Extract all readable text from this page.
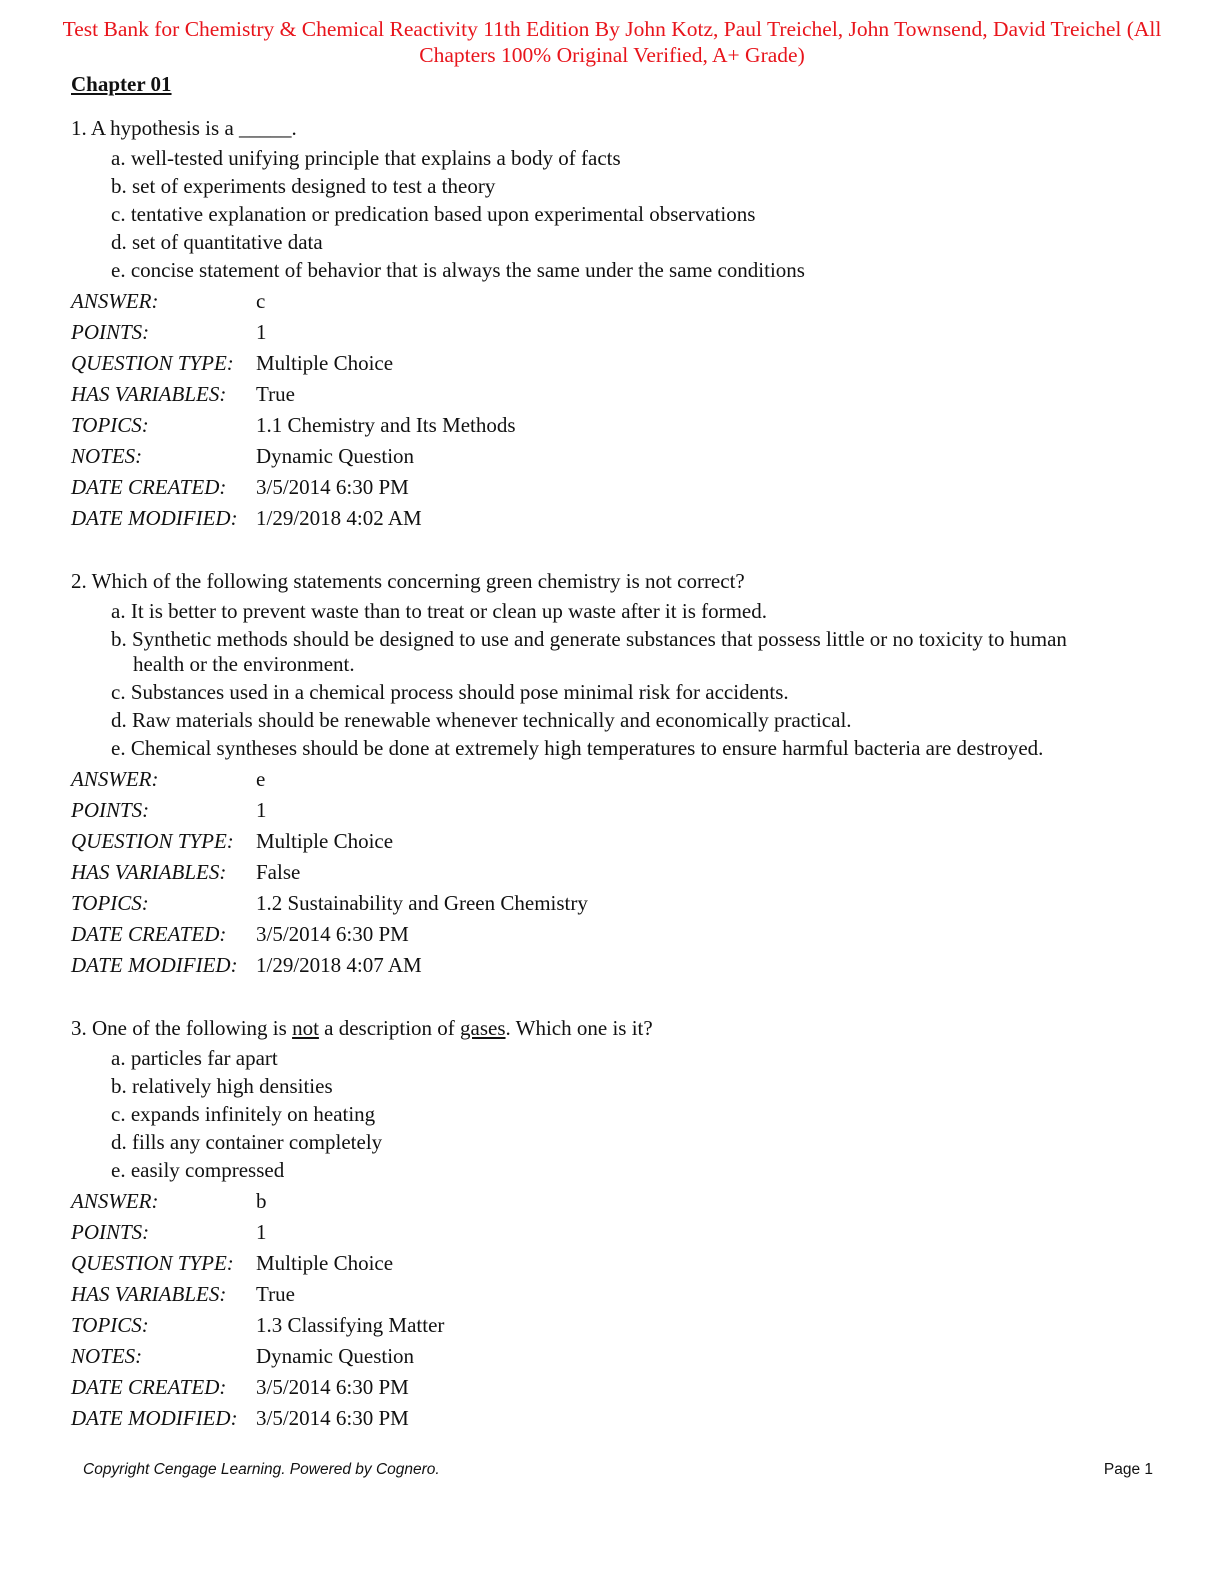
Test Bank for Chemistry & Chemical Reactivity 11th Edition By John Kotz, Paul Treichel, John Townsend, David Treichel (All Chapters 100% Original Verified, A+ Grade)
Chapter 01
1. A hypothesis is a _____.
a. well-tested unifying principle that explains a body of facts
b. set of experiments designed to test a theory
c. tentative explanation or predication based upon experimental observations
d. set of quantitative data
e. concise statement of behavior that is always the same under the same conditions
ANSWER:	c
POINTS:	1
QUESTION TYPE:	Multiple Choice
HAS VARIABLES:	True
TOPICS:	1.1 Chemistry and Its Methods
NOTES:	Dynamic Question
DATE CREATED:	3/5/2014 6:30 PM
DATE MODIFIED: 1/29/2018 4:02 AM
2. Which of the following statements concerning green chemistry is not correct?
a. It is better to prevent waste than to treat or clean up waste after it is formed.
b. Synthetic methods should be designed to use and generate substances that possess little or no toxicity to human health or the environment.
c. Substances used in a chemical process should pose minimal risk for accidents.
d. Raw materials should be renewable whenever technically and economically practical.
e. Chemical syntheses should be done at extremely high temperatures to ensure harmful bacteria are destroyed.
ANSWER:	e
POINTS:	1
QUESTION TYPE:	Multiple Choice
HAS VARIABLES:	False
TOPICS:	1.2 Sustainability and Green Chemistry
DATE CREATED:	3/5/2014 6:30 PM
DATE MODIFIED: 1/29/2018 4:07 AM
3. One of the following is not a description of gases. Which one is it?
a. particles far apart
b. relatively high densities
c. expands infinitely on heating
d. fills any container completely
e. easily compressed
ANSWER:	b
POINTS:	1
QUESTION TYPE:	Multiple Choice
HAS VARIABLES:	True
TOPICS:	1.3 Classifying Matter
NOTES:	Dynamic Question
DATE CREATED:	3/5/2014 6:30 PM
DATE MODIFIED: 3/5/2014 6:30 PM
Copyright Cengage Learning. Powered by Cognero.	Page 1
